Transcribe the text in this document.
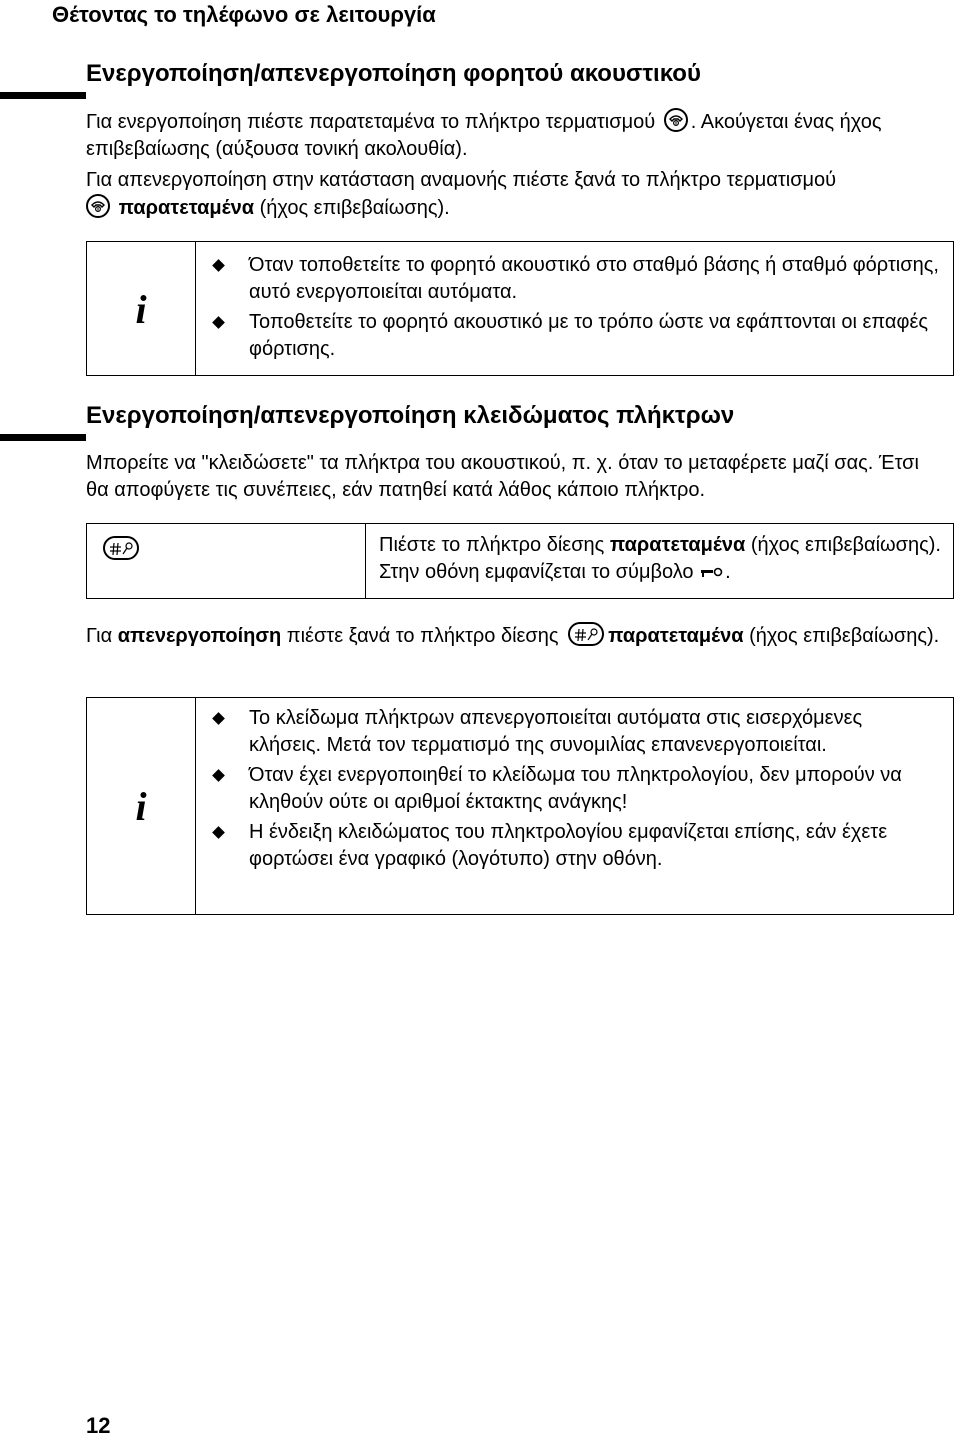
Θέτοντας το τηλέφωνο σε λειτουργία
Ενεργοποίηση/απενεργοποίηση φορητού ακουστικού
Για ενεργοποίηση πιέστε παρατεταμένα το πλήκτρο τερματισμού . Ακούγεται ένας ήχος επιβεβαίωσης (αύξουσα τονική ακολουθία).
Για απενεργοποίηση στην κατάσταση αναμονής πιέστε ξανά το πλήκτρο τερματισμού

παρατεταμένα (ήχος επιβεβαίωσης).
i
Όταν τοποθετείτε το φορητό ακουστικό στο σταθμό βάσης ή σταθμό φόρτισης, αυτό ενεργοποιείται αυτόματα.
Τοποθετείτε το φορητό ακουστικό με το τρόπο ώστε να εφάπτονται οι επαφές φόρτισης.
Ενεργοποίηση/απενεργοποίηση κλειδώματος πλήκτρων
Μπορείτε να "κλειδώσετε" τα πλήκτρα του ακουστικού, π. χ. όταν το μεταφέρετε μαζί σας. Έτσι θα αποφύγετε τις συνέπειες, εάν πατηθεί κατά λάθος κάποιο πλήκτρο.
Πιέστε το πλήκτρο δίεσης παρατεταμένα (ήχος επιβεβαίωσης). Στην οθόνη εμφανίζεται το σύμβολο .
Για απενεργοποίηση πιέστε ξανά το πλήκτρο δίεσης
παρατεταμένα (ήχος επιβεβαίωσης).
i
Το κλείδωμα πλήκτρων απενεργοποιείται αυτόματα στις εισερχόμενες κλήσεις. Μετά τον τερματισμό της συνομιλίας επανενεργοποιείται.
Όταν έχει ενεργοποιηθεί το κλείδωμα του πληκτρολογίου, δεν μπορούν να κληθούν ούτε οι αριθμοί έκτακτης ανάγκης!
Η ένδειξη κλειδώματος του πληκτρολογίου εμφανίζεται επίσης, εάν έχετε φορτώσει ένα γραφικό (λογότυπο) στην οθόνη.
12
